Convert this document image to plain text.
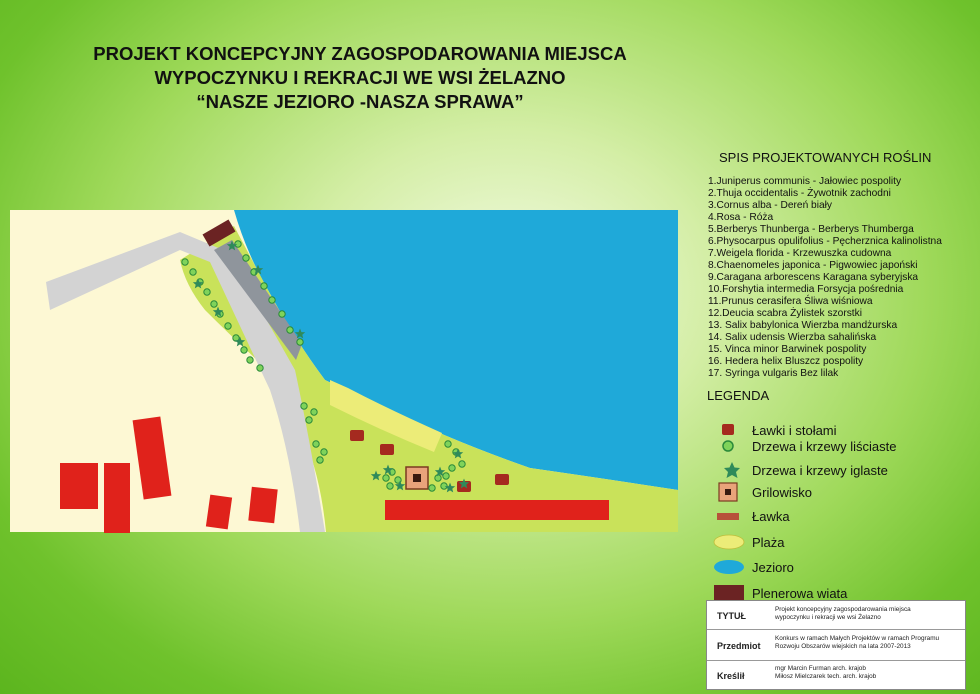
PROJEKT KONCEPCYJNY ZAGOSPODAROWANIA MIEJSCA
WYPOCZYNKU I REKRACJI WE WSI ŻELAZNO
“NASZE JEZIORO -NASZA SPRAWA”
SPIS PROJEKTOWANYCH ROŚLIN
1.Juniperus communis - Jałowiec pospolity
2.Thuja occidentalis - Żywotnik zachodni
3.Cornus alba - Dereń biały
4.Rosa - Róża
5.Berberys Thunberga - Berberys Thumberga
6.Physocarpus opulifolius - Pęcherznica kalinolistna
7.Weigela florida - Krzewuszka cudowna
8.Chaenomeles japonica - Pigwowiec japoński
9.Caragana arborescens Karagana syberyjska
10.Forshytia intermedia Forsycja pośrednia
11.Prunus cerasifera Śliwa wiśniowa
12.Deucia scabra Żylistek szorstki
13. Salix babylonica Wierzba mandżurska
14. Salix udensis Wierzba sahalińska
15. Vinca minor Barwinek pospolity
16. Hedera helix Bluszcz pospolity
17. Syringa vulgaris Bez lilak
LEGENDA
Ławki i stołami
Drzewa i krzewy liściaste
Drzewa i krzewy iglaste
Grilowisko
Ławka
Plaża
Jezioro
Plenerowa wiata
TYTUŁ
Projekt koncepcyjny zagospodarowania miejsca
wypoczynku i rekracji we wsi Żelazno
Przedmiot
Konkurs w ramach Małych Projektów w ramach Programu
Rozwoju Obszarów wiejskich na lata 2007-2013
Kreślił
mgr Marcin Furman arch. krajob
Miłosz Mielczarek tech. arch. krajob
